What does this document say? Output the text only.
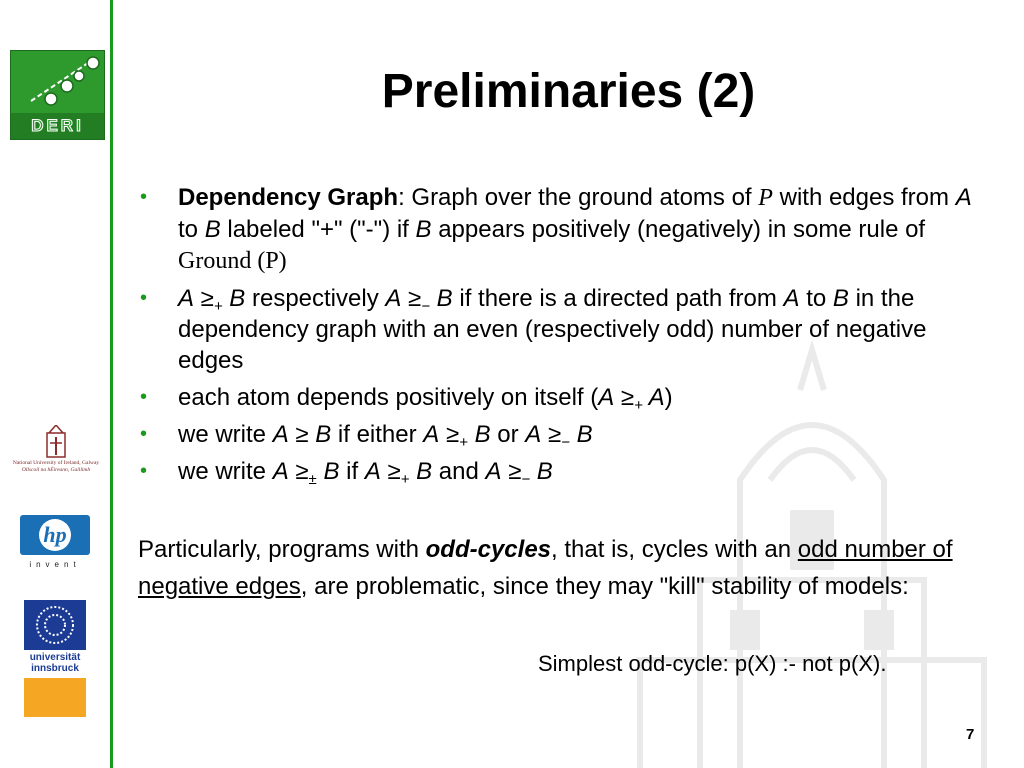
DERI
National University of Ireland, Galway
Ollscoil na hÉireann, Gaillimh
hp
invent
universität
innsbruck
Preliminaries (2)
• Dependency Graph: Graph over the ground atoms of P with edges from A to B labeled "+" ("-") if B appears positively (negatively) in some rule of Ground (P)
• $A \ge_+$ B respectively $A \ge_-$ B if there is a directed path from A to B in the dependency graph with an even (respectively odd) number of negative edges
• each atom depends positively on itself ($A \ge_+$ A)
• we write A ≥ B if either $A \ge_+$ B or $A \ge_-$ B
• we write $A \ge_\pm$ B if $A \ge_+$ B and $A \ge_-$ B
Particularly, programs with odd-cycles, that is, cycles with an odd number of negative edges, are problematic, since they may "kill" stability of models:
Simplest odd-cycle: p(X) :- not p(X).
7
